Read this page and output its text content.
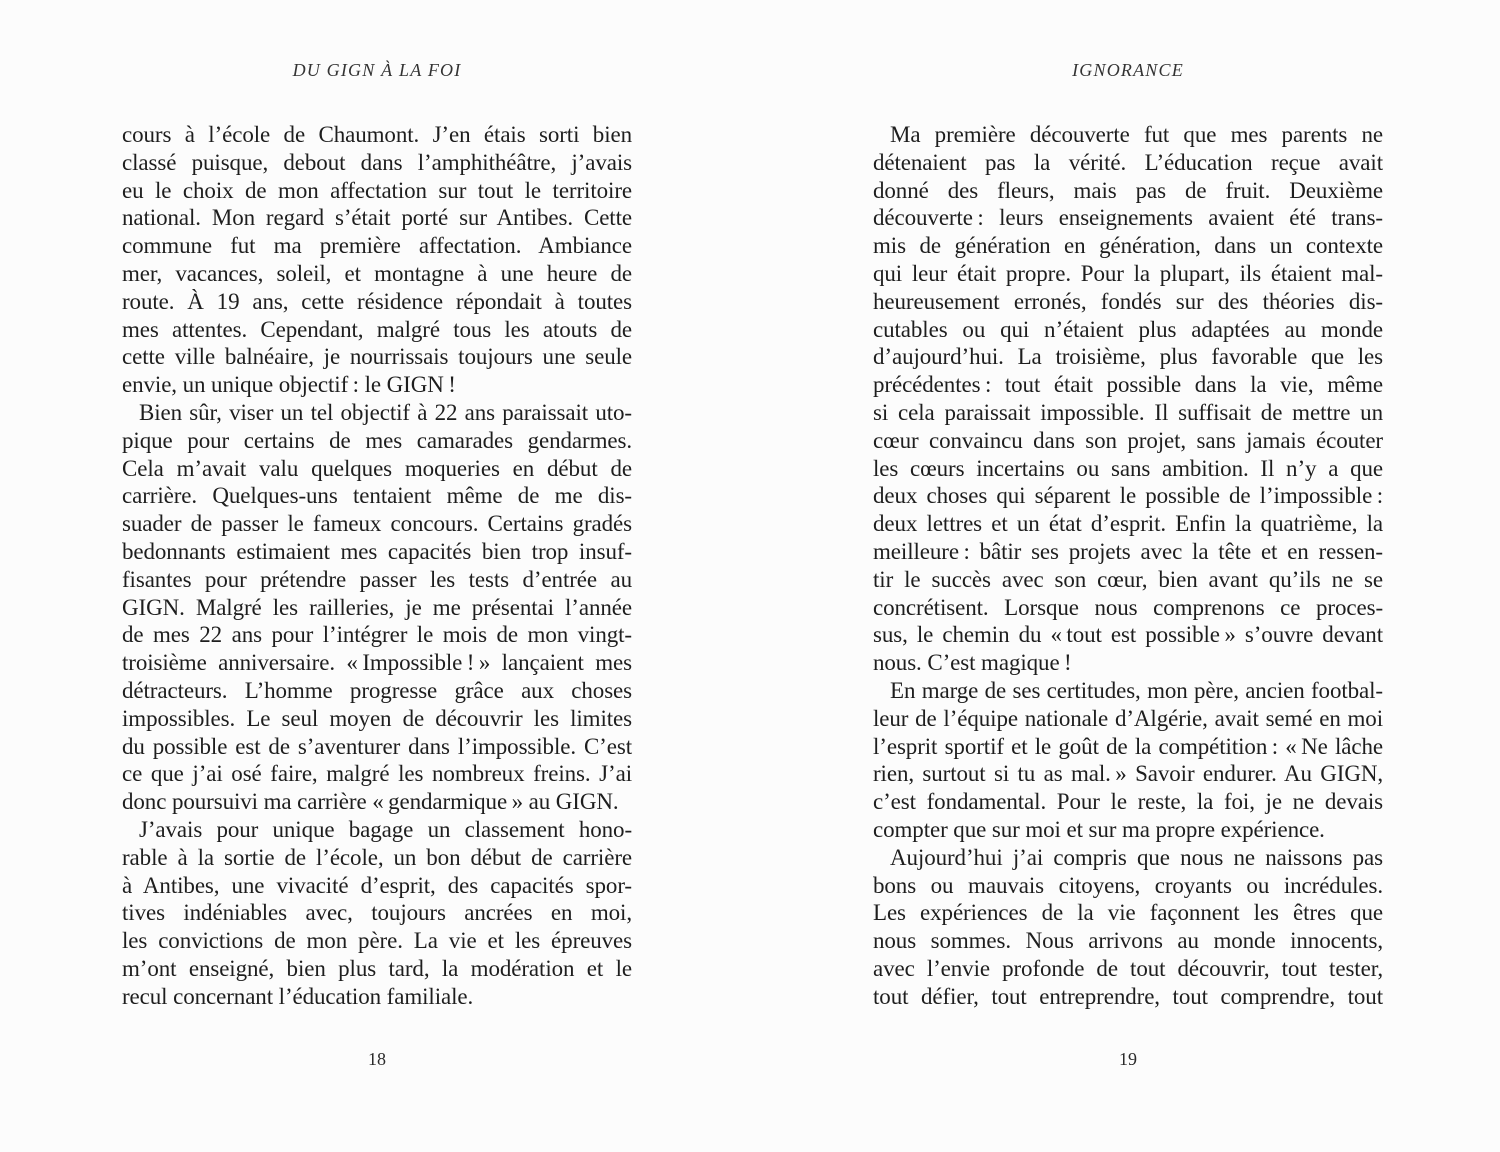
DU GIGN À LA FOI
cours à l’école de Chaumont. J’en étais sorti bien
classé puisque, debout dans l’amphithéâtre, j’avais
eu le choix de mon affectation sur tout le territoire
national. Mon regard s’était porté sur Antibes. Cette
commune fut ma première affectation. Ambiance
mer, vacances, soleil, et montagne à une heure de
route. À 19 ans, cette résidence répondait à toutes
mes attentes. Cependant, malgré tous les atouts de
cette ville balnéaire, je nourrissais toujours une seule
envie, un unique objectif : le GIGN !
Bien sûr, viser un tel objectif à 22 ans paraissait uto-
pique pour certains de mes camarades gendarmes.
Cela m’avait valu quelques moqueries en début de
carrière. Quelques-uns tentaient même de me dis-
suader de passer le fameux concours. Certains gradés
bedonnants estimaient mes capacités bien trop insuf-
fisantes pour prétendre passer les tests d’entrée au
GIGN. Malgré les railleries, je me présentai l’année
de mes 22 ans pour l’intégrer le mois de mon vingt-
troisième anniversaire. « Impossible ! » lançaient mes
détracteurs. L’homme progresse grâce aux choses
impossibles. Le seul moyen de découvrir les limites
du possible est de s’aventurer dans l’impossible. C’est
ce que j’ai osé faire, malgré les nombreux freins. J’ai
donc poursuivi ma carrière « gendarmique » au GIGN.
J’avais pour unique bagage un classement hono-
rable à la sortie de l’école, un bon début de carrière
à Antibes, une vivacité d’esprit, des capacités spor-
tives indéniables avec, toujours ancrées en moi,
les convictions de mon père. La vie et les épreuves
m’ont enseigné, bien plus tard, la modération et le
recul concernant l’éducation familiale.
18
IGNORANCE
Ma première découverte fut que mes parents ne
détenaient pas la vérité. L’éducation reçue avait
donné des fleurs, mais pas de fruit. Deuxième
découverte : leurs enseignements avaient été trans-
mis de génération en génération, dans un contexte
qui leur était propre. Pour la plupart, ils étaient mal-
heureusement erronés, fondés sur des théories dis-
cutables ou qui n’étaient plus adaptées au monde
d’aujourd’hui. La troisième, plus favorable que les
précédentes : tout était possible dans la vie, même
si cela paraissait impossible. Il suffisait de mettre un
cœur convaincu dans son projet, sans jamais écouter
les cœurs incertains ou sans ambition. Il n’y a que
deux choses qui séparent le possible de l’impossible :
deux lettres et un état d’esprit. Enfin la quatrième, la
meilleure : bâtir ses projets avec la tête et en ressen-
tir le succès avec son cœur, bien avant qu’ils ne se
concrétisent. Lorsque nous comprenons ce proces-
sus, le chemin du « tout est possible » s’ouvre devant
nous. C’est magique !
En marge de ses certitudes, mon père, ancien footbal-
leur de l’équipe nationale d’Algérie, avait semé en moi
l’esprit sportif et le goût de la compétition : « Ne lâche
rien, surtout si tu as mal. » Savoir endurer. Au GIGN,
c’est fondamental. Pour le reste, la foi, je ne devais
compter que sur moi et sur ma propre expérience.
Aujourd’hui j’ai compris que nous ne naissons pas
bons ou mauvais citoyens, croyants ou incrédules.
Les expériences de la vie façonnent les êtres que
nous sommes. Nous arrivons au monde innocents,
avec l’envie profonde de tout découvrir, tout tester,
tout défier, tout entreprendre, tout comprendre, tout
19
